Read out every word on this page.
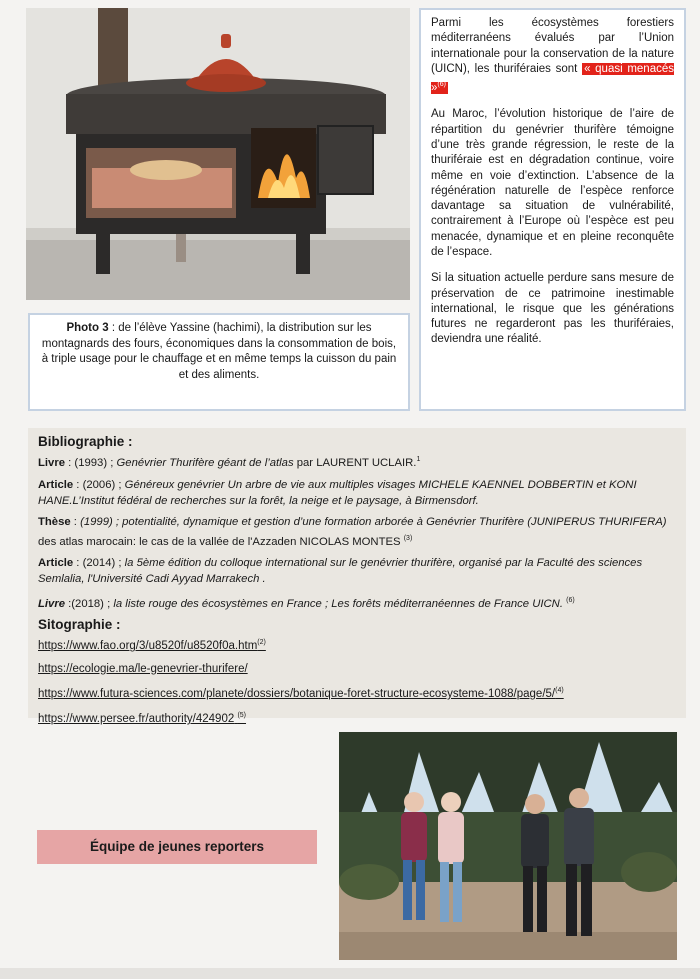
Photo 3 : de l’élève Yassine (hachimi), la distribution sur les montagnards des fours, économiques dans la consommation de bois, à triple usage pour le chauffage et en même temps la cuisson du pain et des aliments.

Parmi les écosystèmes forestiers méditerranéens évalués par l’Union internationale pour la conservation de la nature (UICN), les thuriféraies sont « quasi menacés »$^{(6)}$

Au Maroc, l’évolution historique de l’aire de répartition du genévrier thurifère témoigne d’une très grande régression, le reste de la thuriféraie est en dégradation continue, voire même en voie d’extinction. L’absence de la régénération naturelle de l’espèce renforce davantage sa situation de vulnérabilité, contrairement à l’Europe où l’espèce est peu menacée, dynamique et en pleine reconquête de l’espace.

Si la situation actuelle perdure sans mesure de préservation de ce patrimoine inestimable international, le risque que les générations futures ne regarderont pas les thuriféraies, deviendra une réalité.

Bibliographie :
Livre : (1993) ; Genévrier Thurifère géant de l’atlas par LAURENT UCLAIR.$^1$
Article : (2006) ; Généreux genévrier Un arbre de vie aux multiples visages MICHELE KAENNEL DOBBERTIN et KONI HANE.L’Institut fédéral de recherches sur la forêt, la neige et le paysage, à Birmensdorf.
Thèse : (1999) ; potentialité, dynamique et gestion d’une formation arborée à Genévrier Thurifère (JUNIPERUS THURIFERA) des atlas marocain: le cas de la vallée de l'Azzaden NICOLAS MONTES $^{(3)}$
Article : (2014) ; la 5ème édition du colloque international sur le genévrier thurifère, organisé par la Faculté des sciences Semlalia, l'Université Cadi Ayyad Marrakech .
Livre :(2018) ; la liste rouge des écosystèmes en France ; Les forêts méditerranéennes de France UICN. $^{(6)}$
Sitographie :
https://www.fao.org/3/u8520f/u8520f0a.htm$^{(2)}$
https://ecologie.ma/le-genevrier-thurifere/
https://www.futura-sciences.com/planete/dossiers/botanique-foret-structure-ecosysteme-1088/page/5/$^{(4)}$
https://www.persee.fr/authority/424902 $^{(5)}$
Équipe de jeunes reporters
